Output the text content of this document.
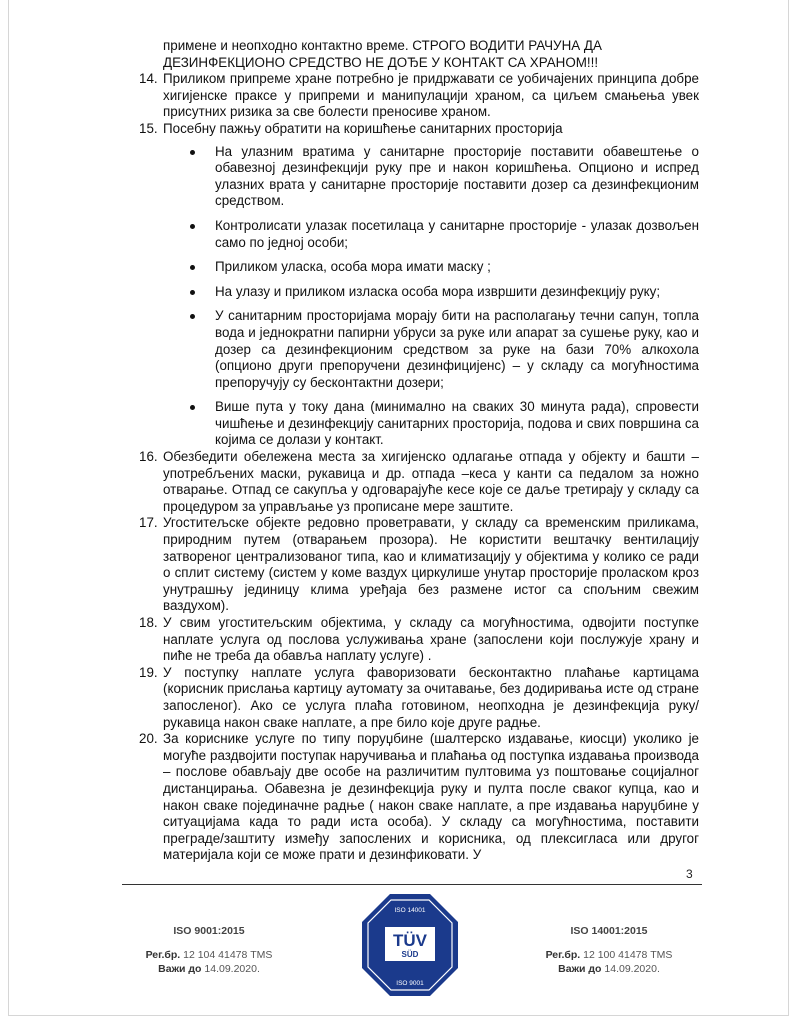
примене и неопходно контактно време. СТРОГО ВОДИТИ РАЧУНА ДА

ДЕЗИНФЕКЦИОНО СРЕДСТВО НЕ ДОЂЕ У КОНТАКТ СА ХРАНОМ!!!

14. Приликом припреме хране потребно је придржавати се уобичајених принципа добре хигијенске праксе у припреми и манипулацији храном, са циљем смањења увек присутних ризика за све болести преносиве храном.
15. Посебну пажњу обратити на коришћење санитарних просторија
На улазним вратима у санитарне просторије поставити обавештење о обавезној дезинфекцији руку пре и након коришћења. Опционо и испред улазних врата у санитарне просторије поставити дозер са дезинфекционим средством.
Контролисати улазак посетилаца у санитарне просторије - улазак дозвољен само по једној особи;
Приликом уласка, особа мора имати маску ;
На улазу и приликом изласка особа мора извршити дезинфекцију руку;
У санитарним просторијама морају бити на располагању течни сапун, топла вода и једнократни папирни убруси за руке или апарат за сушење руку, као и дозер са дезинфекционим средством за руке на бази 70% алкохола (опционо други препоручени дезинфицијенс) – у складу са могућностима препоручују су бесконтактни дозери;
Више пута у току дана (минимално на сваких 30 минута рада), спровести чишћење и дезинфекцију санитарних просторија, подова и свих површина са којима се долази у контакт.
16. Обезбедити обележена места за хигијенско одлагање отпада у објекту и башти – употребљених маски, рукавица и др. отпада –кеса у канти са педалом за ножно отварање. Отпад се сакупља у одговарајуће кесе које се даље третирају у складу са процедуром за управљање уз прописане мере заштите.
17. Угоститељске објекте редовно проветравати, у складу са временским приликама, природним путем (отварањем прозора). Не користити вештачку вентилацију затвореног централизованог типа, као и климатизацију у објектима у колико се ради о сплит систему (систем у коме ваздух циркулише унутар просторије проласком кроз унутрашњу јединицу клима уређаја без размене истог са спољним свежим ваздухом).
18. У свим угоститељским објектима, у складу са могућностима, одвојити поступке наплате услуга од послова услуживања хране (запослени који послужује храну и пиће не треба да обавља наплату услуге) .
19. У поступку наплате услуга фаворизовати бесконтактно плаћање картицама (корисник прислања картицу аутомату за очитавање, без додиривања исте од стране запосленог). Ако се услуга плаћа готовином, неопходна је дезинфекција руку/рукавица након сваке наплате, а пре било које друге радње.
20. За кориснике услуге по типу поруџбине (шалтерско издавање, киосци) уколико је могуће раздвојити поступак наручивања и плаћања од поступка издавања производа – послове обављају две особе на различитим пултовима уз поштовање социјалног дистанцирања. Обавезна је дезинфекција руку и пулта после сваког купца, као и након сваке појединачне радње ( након сваке наплате, а пре издавања наруџбине у ситуацијама када то ради иста особа). У складу са могућностима, поставити преграде/заштиту између запослених и корисника, од плексигласа или другог материјала који се може прати и дезинфиковати. У
3
ISO 9001:2015
Рег.бр. 12 104 41478 TMS
Важи до 14.09.2020.
ISO 14001
TÜV
SÜD
ISO 9001
ISO 14001:2015
Рег.бр. 12 100 41478 TMS
Важи до 14.09.2020.
